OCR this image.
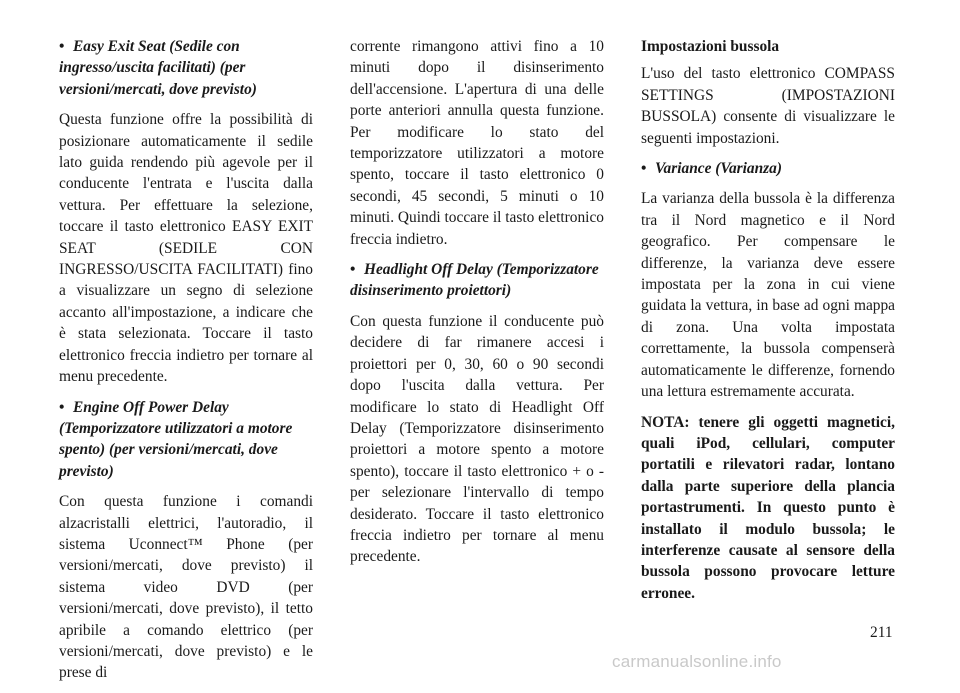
• Easy Exit Seat (Sedile con ingresso/uscita facilitati) (per versioni/mercati, dove previsto)

Questa funzione offre la possibilità di posizionare automaticamente il sedile lato guida rendendo più agevole per il conducente l'entrata e l'uscita dalla vettura. Per effettuare la selezione, toccare il tasto elettronico EASY EXIT SEAT (SEDILE CON INGRESSO/USCITA FACILITATI) fino a visualizzare un segno di selezione accanto all'impostazione, a indicare che è stata selezionata. Toccare il tasto elettronico freccia indietro per tornare al menu precedente.

• Engine Off Power Delay (Temporizzatore utilizzatori a motore spento) (per versioni/mercati, dove previsto)

Con questa funzione i comandi alzacristalli elettrici, l'autoradio, il sistema Uconnect™ Phone (per versioni/mercati, dove previsto) il sistema video DVD (per versioni/mercati, dove previsto), il tetto apribile a comando elettrico (per versioni/mercati, dove previsto) e le prese di

corrente rimangono attivi fino a 10 minuti dopo il disinserimento dell'accensione. L'apertura di una delle porte anteriori annulla questa funzione. Per modificare lo stato del temporizzatore utilizzatori a motore spento, toccare il tasto elettronico 0 secondi, 45 secondi, 5 minuti o 10 minuti. Quindi toccare il tasto elettronico freccia indietro.

• Headlight Off Delay (Temporizzatore disinserimento proiettori)

Con questa funzione il conducente può decidere di far rimanere accesi i proiettori per 0, 30, 60 o 90 secondi dopo l'uscita dalla vettura. Per modificare lo stato di Headlight Off Delay (Temporizzatore disinserimento proiettori a motore spento a motore spento), toccare il tasto elettronico + o - per selezionare l'intervallo di tempo desiderato. Toccare il tasto elettronico freccia indietro per tornare al menu precedente.

Impostazioni bussola

L'uso del tasto elettronico COMPASS SETTINGS (IMPOSTAZIONI BUSSOLA) consente di visualizzare le seguenti impostazioni.

• Variance (Varianza)

La varianza della bussola è la differenza tra il Nord magnetico e il Nord geografico. Per compensare le differenze, la varianza deve essere impostata per la zona in cui viene guidata la vettura, in base ad ogni mappa di zona. Una volta impostata correttamente, la bussola compenserà automaticamente le differenze, fornendo una lettura estremamente accurata.

NOTA: tenere gli oggetti magnetici, quali iPod, cellulari, computer portatili e rilevatori radar, lontano dalla parte superiore della plancia portastrumenti. In questo punto è installato il modulo bussola; le interferenze causate al sensore della bussola possono provocare letture erronee.

211
carmanualsonline.info
